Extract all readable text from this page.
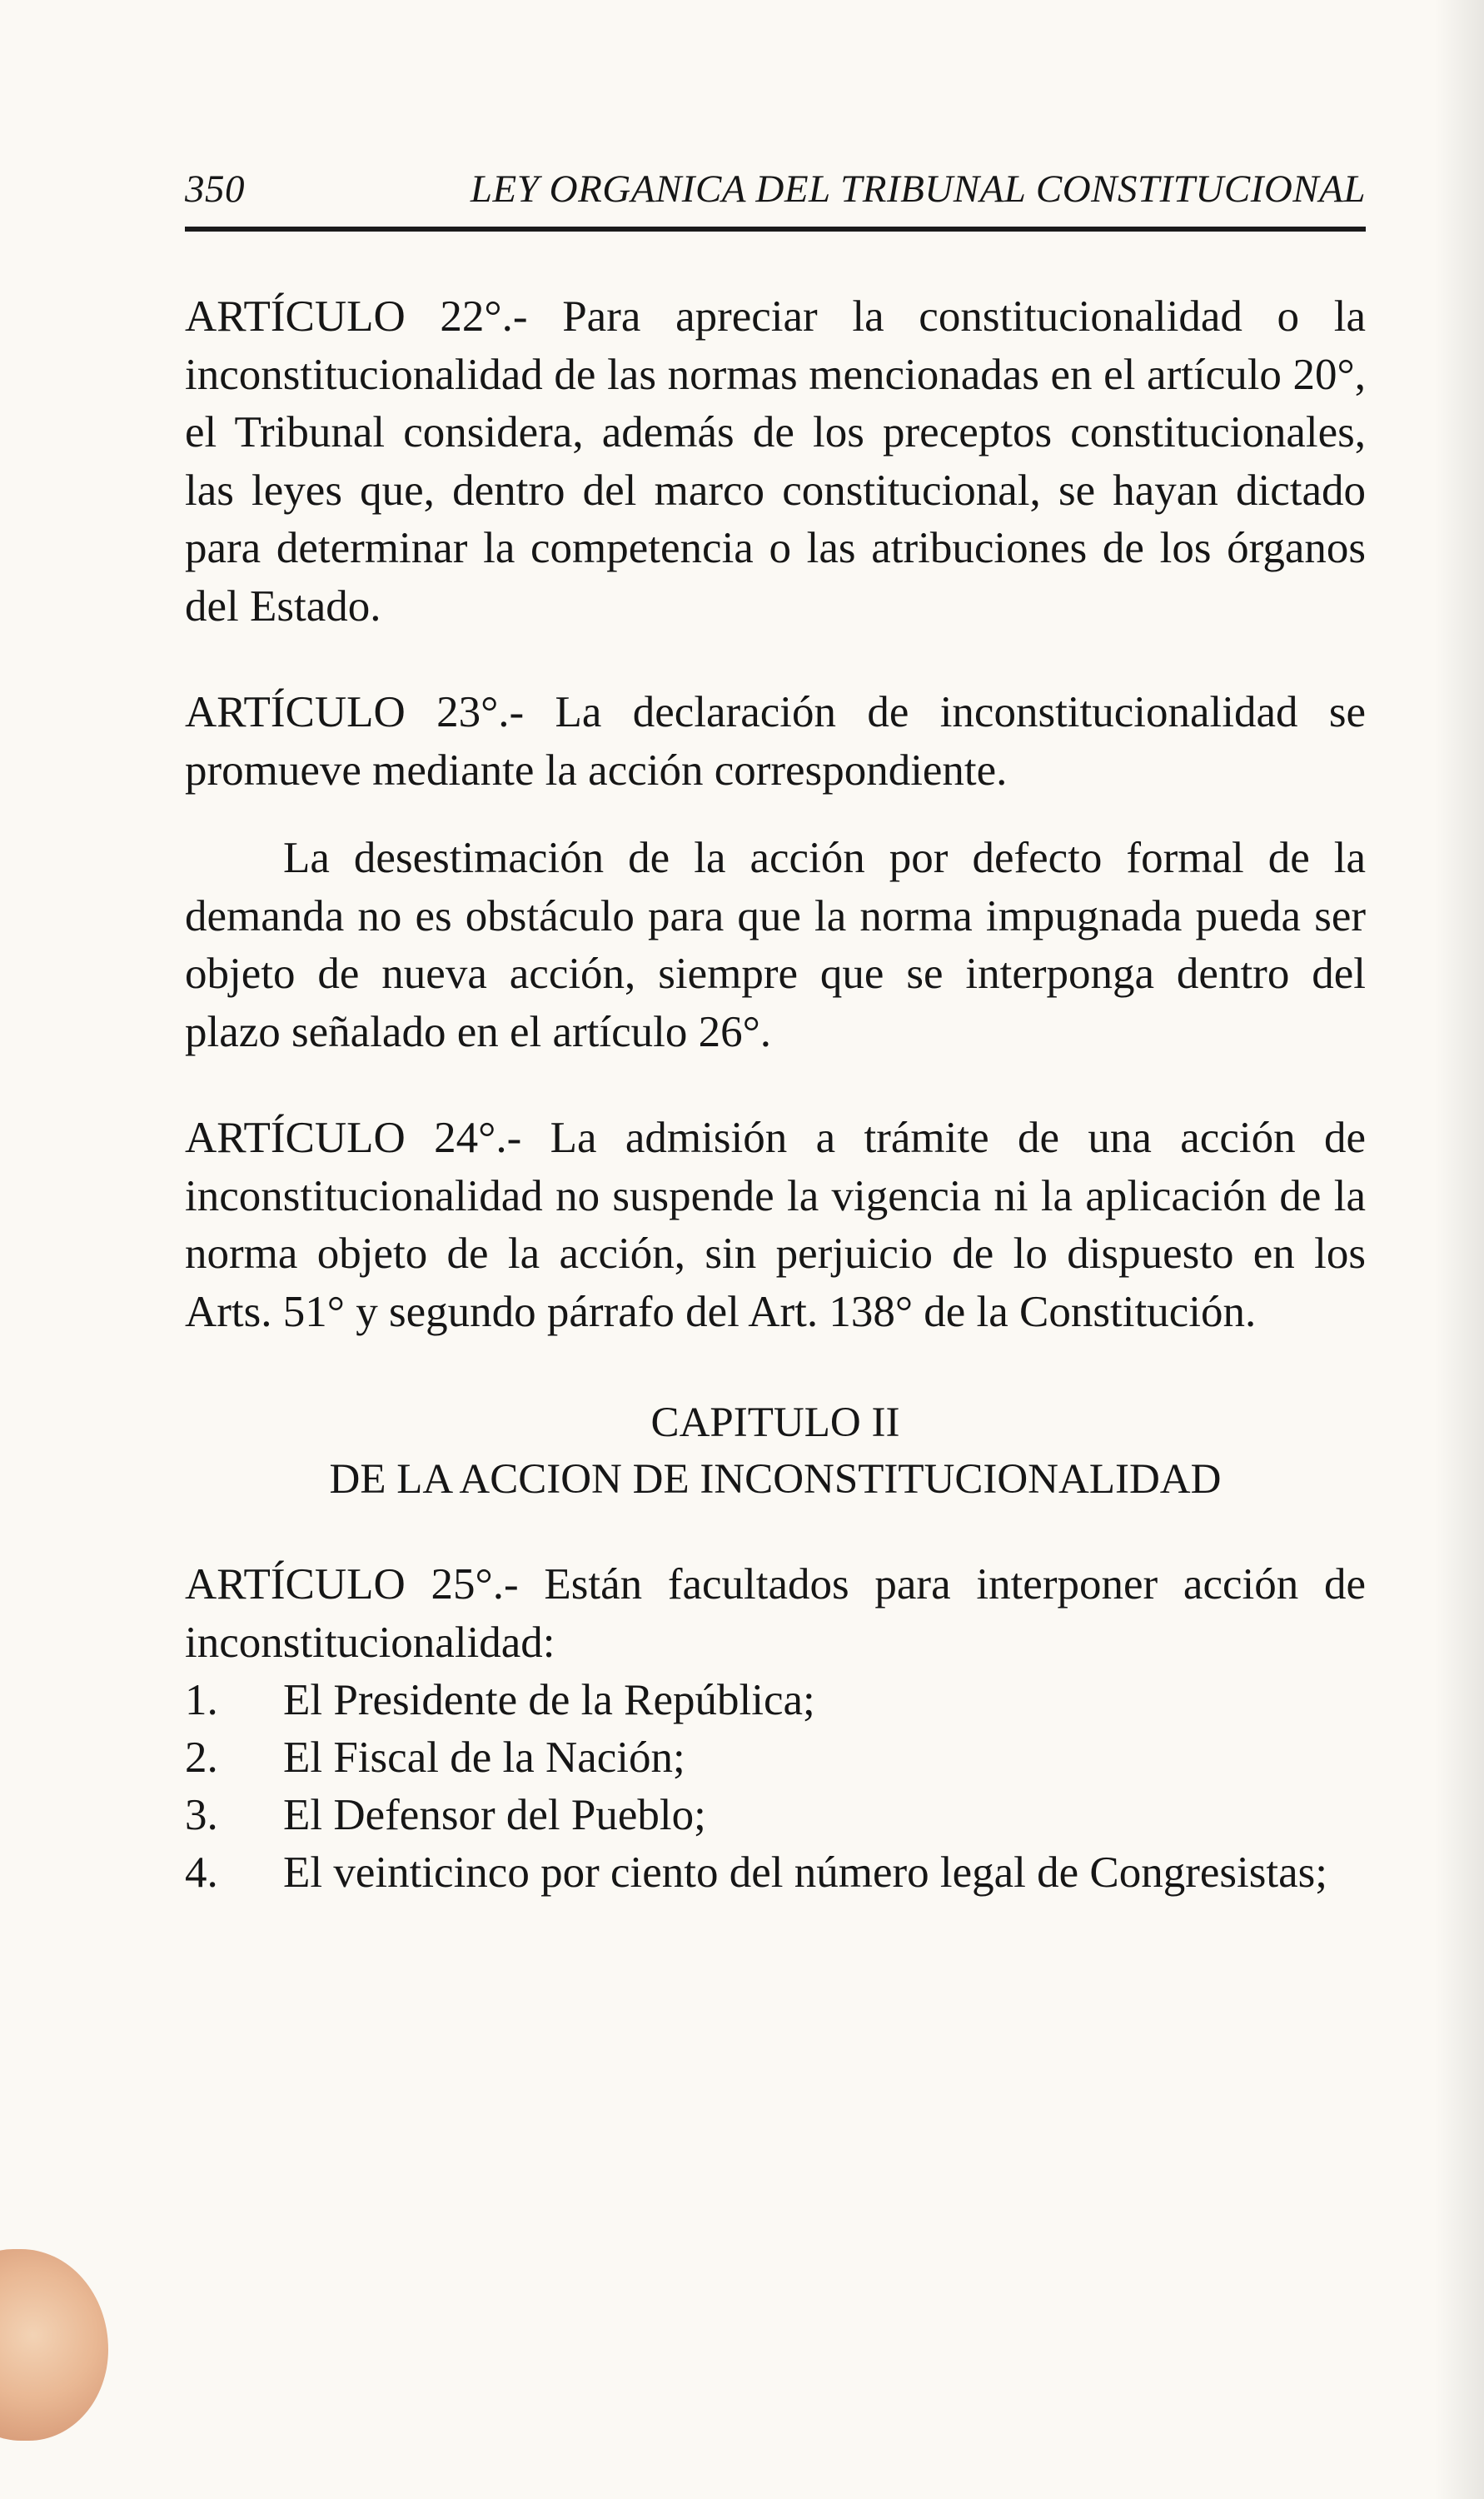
350	LEY ORGANICA DEL TRIBUNAL CONSTITUCIONAL

ARTÍCULO 22°.- Para apreciar la constitucionalidad o la inconstitucionalidad de las normas mencionadas en el artículo 20°, el Tribunal considera, además de los preceptos constitucionales, las leyes que, dentro del marco constitucional, se hayan dictado para determinar la competencia o las atribuciones de los órganos del Estado.

ARTÍCULO 23°.- La declaración de inconstitucionalidad se promueve mediante la acción correspondiente.

La desestimación de la acción por defecto formal de la demanda no es obstáculo para que la norma impugnada pueda ser objeto de nueva acción, siempre que se interponga dentro del plazo señalado en el artículo 26°.

ARTÍCULO 24°.- La admisión a trámite de una acción de inconstitucionalidad no suspende la vigencia ni la aplicación de la norma objeto de la acción, sin perjuicio de lo dispuesto en los Arts. 51° y segundo párrafo del Art. 138° de la Constitución.

CAPITULO II
DE LA ACCION DE INCONSTITUCIONALIDAD

ARTÍCULO 25°.- Están facultados para interponer acción de inconstitucionalidad:

1.	El Presidente de la República;
2.	El Fiscal de la Nación;
3.	El Defensor del Pueblo;
4.	El veinticinco por ciento del número legal de Congresistas;
